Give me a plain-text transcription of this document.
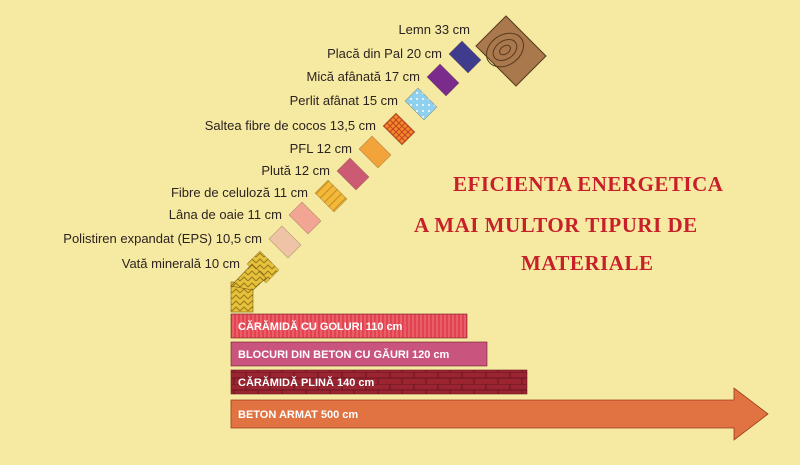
Lemn 33 cm
Placă din Pal 20 cm
Mică afânată 17 cm
Perlit afânat 15 cm
Saltea fibre de cocos 13,5 cm
PFL 12 cm
Plută 12 cm
Fibre de celuloză 11 cm
Lâna de oaie 11 cm
Polistiren expandat (EPS) 10,5 cm
Vată minerală 10 cm
CĂRĂMIDĂ CU GOLURI 110 cm
BLOCURI DIN BETON CU GĂURI 120 cm
CĂRĂMIDĂ PLINĂ 140 cm
BETON ARMAT 500 cm
EFICIENTA ENERGETICA
A MAI MULTOR TIPURI DE
MATERIALE
